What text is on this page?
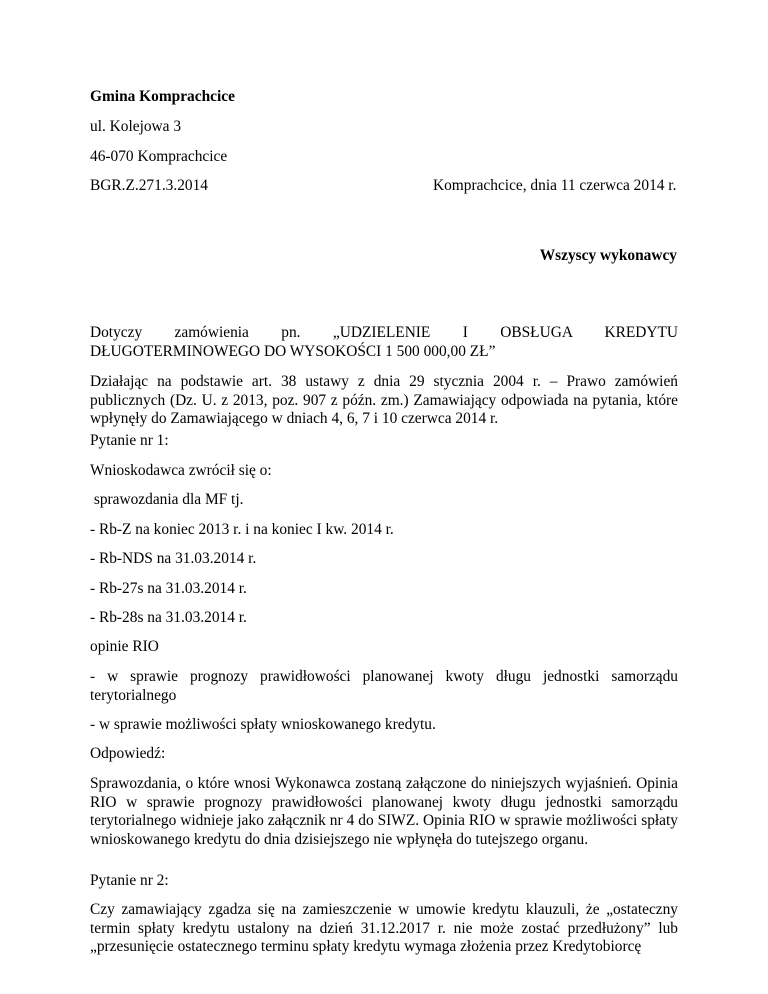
Gmina Komprachcice
ul. Kolejowa 3
46-070 Komprachcice
BGR.Z.271.3.2014	Komprachcice, dnia 11 czerwca 2014 r.
Wszyscy wykonawcy
Dotyczy zamówienia pn. „UDZIELENIE I OBSŁUGA KREDYTU
DŁUGOTERMINOWEGO DO WYSOKOŚCI 1 500 000,00 ZŁ”
Działając na podstawie art. 38 ustawy z dnia 29 stycznia 2004 r. – Prawo zamówień publicznych (Dz. U. z 2013, poz. 907 z późn. zm.) Zamawiający odpowiada na pytania, które wpłynęły do Zamawiającego w dniach 4, 6, 7 i 10 czerwca 2014 r.
Pytanie nr 1:
Wnioskodawca zwrócił się o:
sprawozdania dla MF tj.
- Rb-Z na koniec 2013 r. i na koniec I kw. 2014 r.
- Rb-NDS na 31.03.2014 r.
- Rb-27s na 31.03.2014 r.
- Rb-28s na 31.03.2014 r.
opinie RIO
- w sprawie prognozy prawidłowości planowanej kwoty długu jednostki samorządu terytorialnego
- w sprawie możliwości spłaty wnioskowanego kredytu.
Odpowiedź:
Sprawozdania, o które wnosi Wykonawca zostaną załączone do niniejszych wyjaśnień. Opinia RIO w sprawie prognozy prawidłowości planowanej kwoty długu jednostki samorządu terytorialnego widnieje jako załącznik nr 4 do SIWZ. Opinia RIO w sprawie możliwości spłaty wnioskowanego kredytu do dnia dzisiejszego nie wpłynęła do tutejszego organu.
Pytanie nr 2:
Czy zamawiający zgadza się na zamieszczenie w umowie kredytu klauzuli, że „ostateczny termin spłaty kredytu ustalony na dzień 31.12.2017 r. nie może zostać przedłużony” lub „przesunięcie ostatecznego terminu spłaty kredytu wymaga złożenia przez Kredytobiorcę
